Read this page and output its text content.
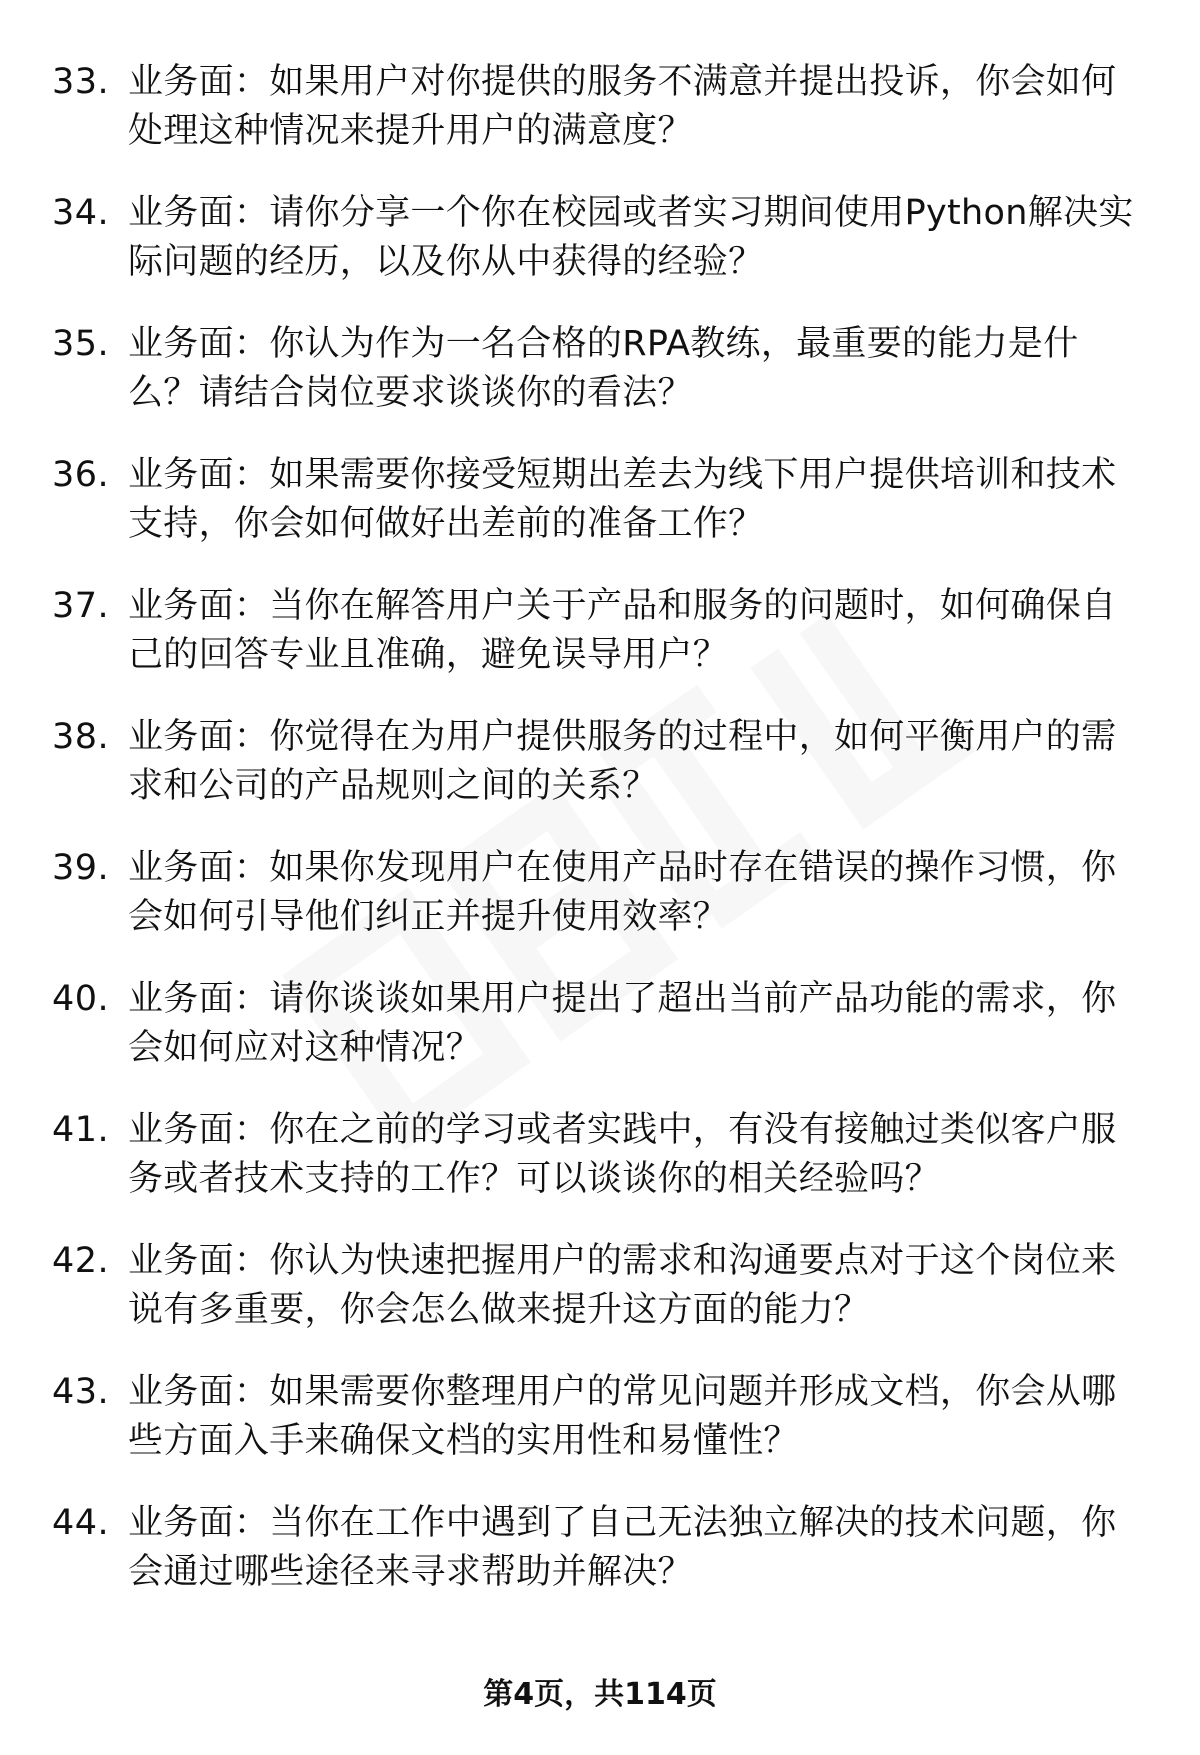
33. 业务面：如果用户对你提供的服务不满意并提出投诉，你会如何
处理这种情况来提升用户的满意度？
34. 业务面：请你分享一个你在校园或者实习期间使用Python解决实
际问题的经历，以及你从中获得的经验？
35. 业务面：你认为作为一名合格的RPA教练，最重要的能力是什
么？请结合岗位要求谈谈你的看法？
36. 业务面：如果需要你接受短期出差去为线下用户提供培训和技术
支持，你会如何做好出差前的准备工作？
37. 业务面：当你在解答用户关于产品和服务的问题时，如何确保自
己的回答专业且准确，避免误导用户？
38. 业务面：你觉得在为用户提供服务的过程中，如何平衡用户的需
求和公司的产品规则之间的关系？
39. 业务面：如果你发现用户在使用产品时存在错误的操作习惯，你
会如何引导他们纠正并提升使用效率？
40. 业务面：请你谈谈如果用户提出了超出当前产品功能的需求，你
会如何应对这种情况？
41. 业务面：你在之前的学习或者实践中，有没有接触过类似客户服
务或者技术支持的工作？可以谈谈你的相关经验吗？
42. 业务面：你认为快速把握用户的需求和沟通要点对于这个岗位来
说有多重要，你会怎么做来提升这方面的能力？
43. 业务面：如果需要你整理用户的常见问题并形成文档，你会从哪
些方面入手来确保文档的实用性和易懂性？
44. 业务面：当你在工作中遇到了自己无法独立解决的技术问题，你
会通过哪些途径来寻求帮助并解决？
第4页，共114页
